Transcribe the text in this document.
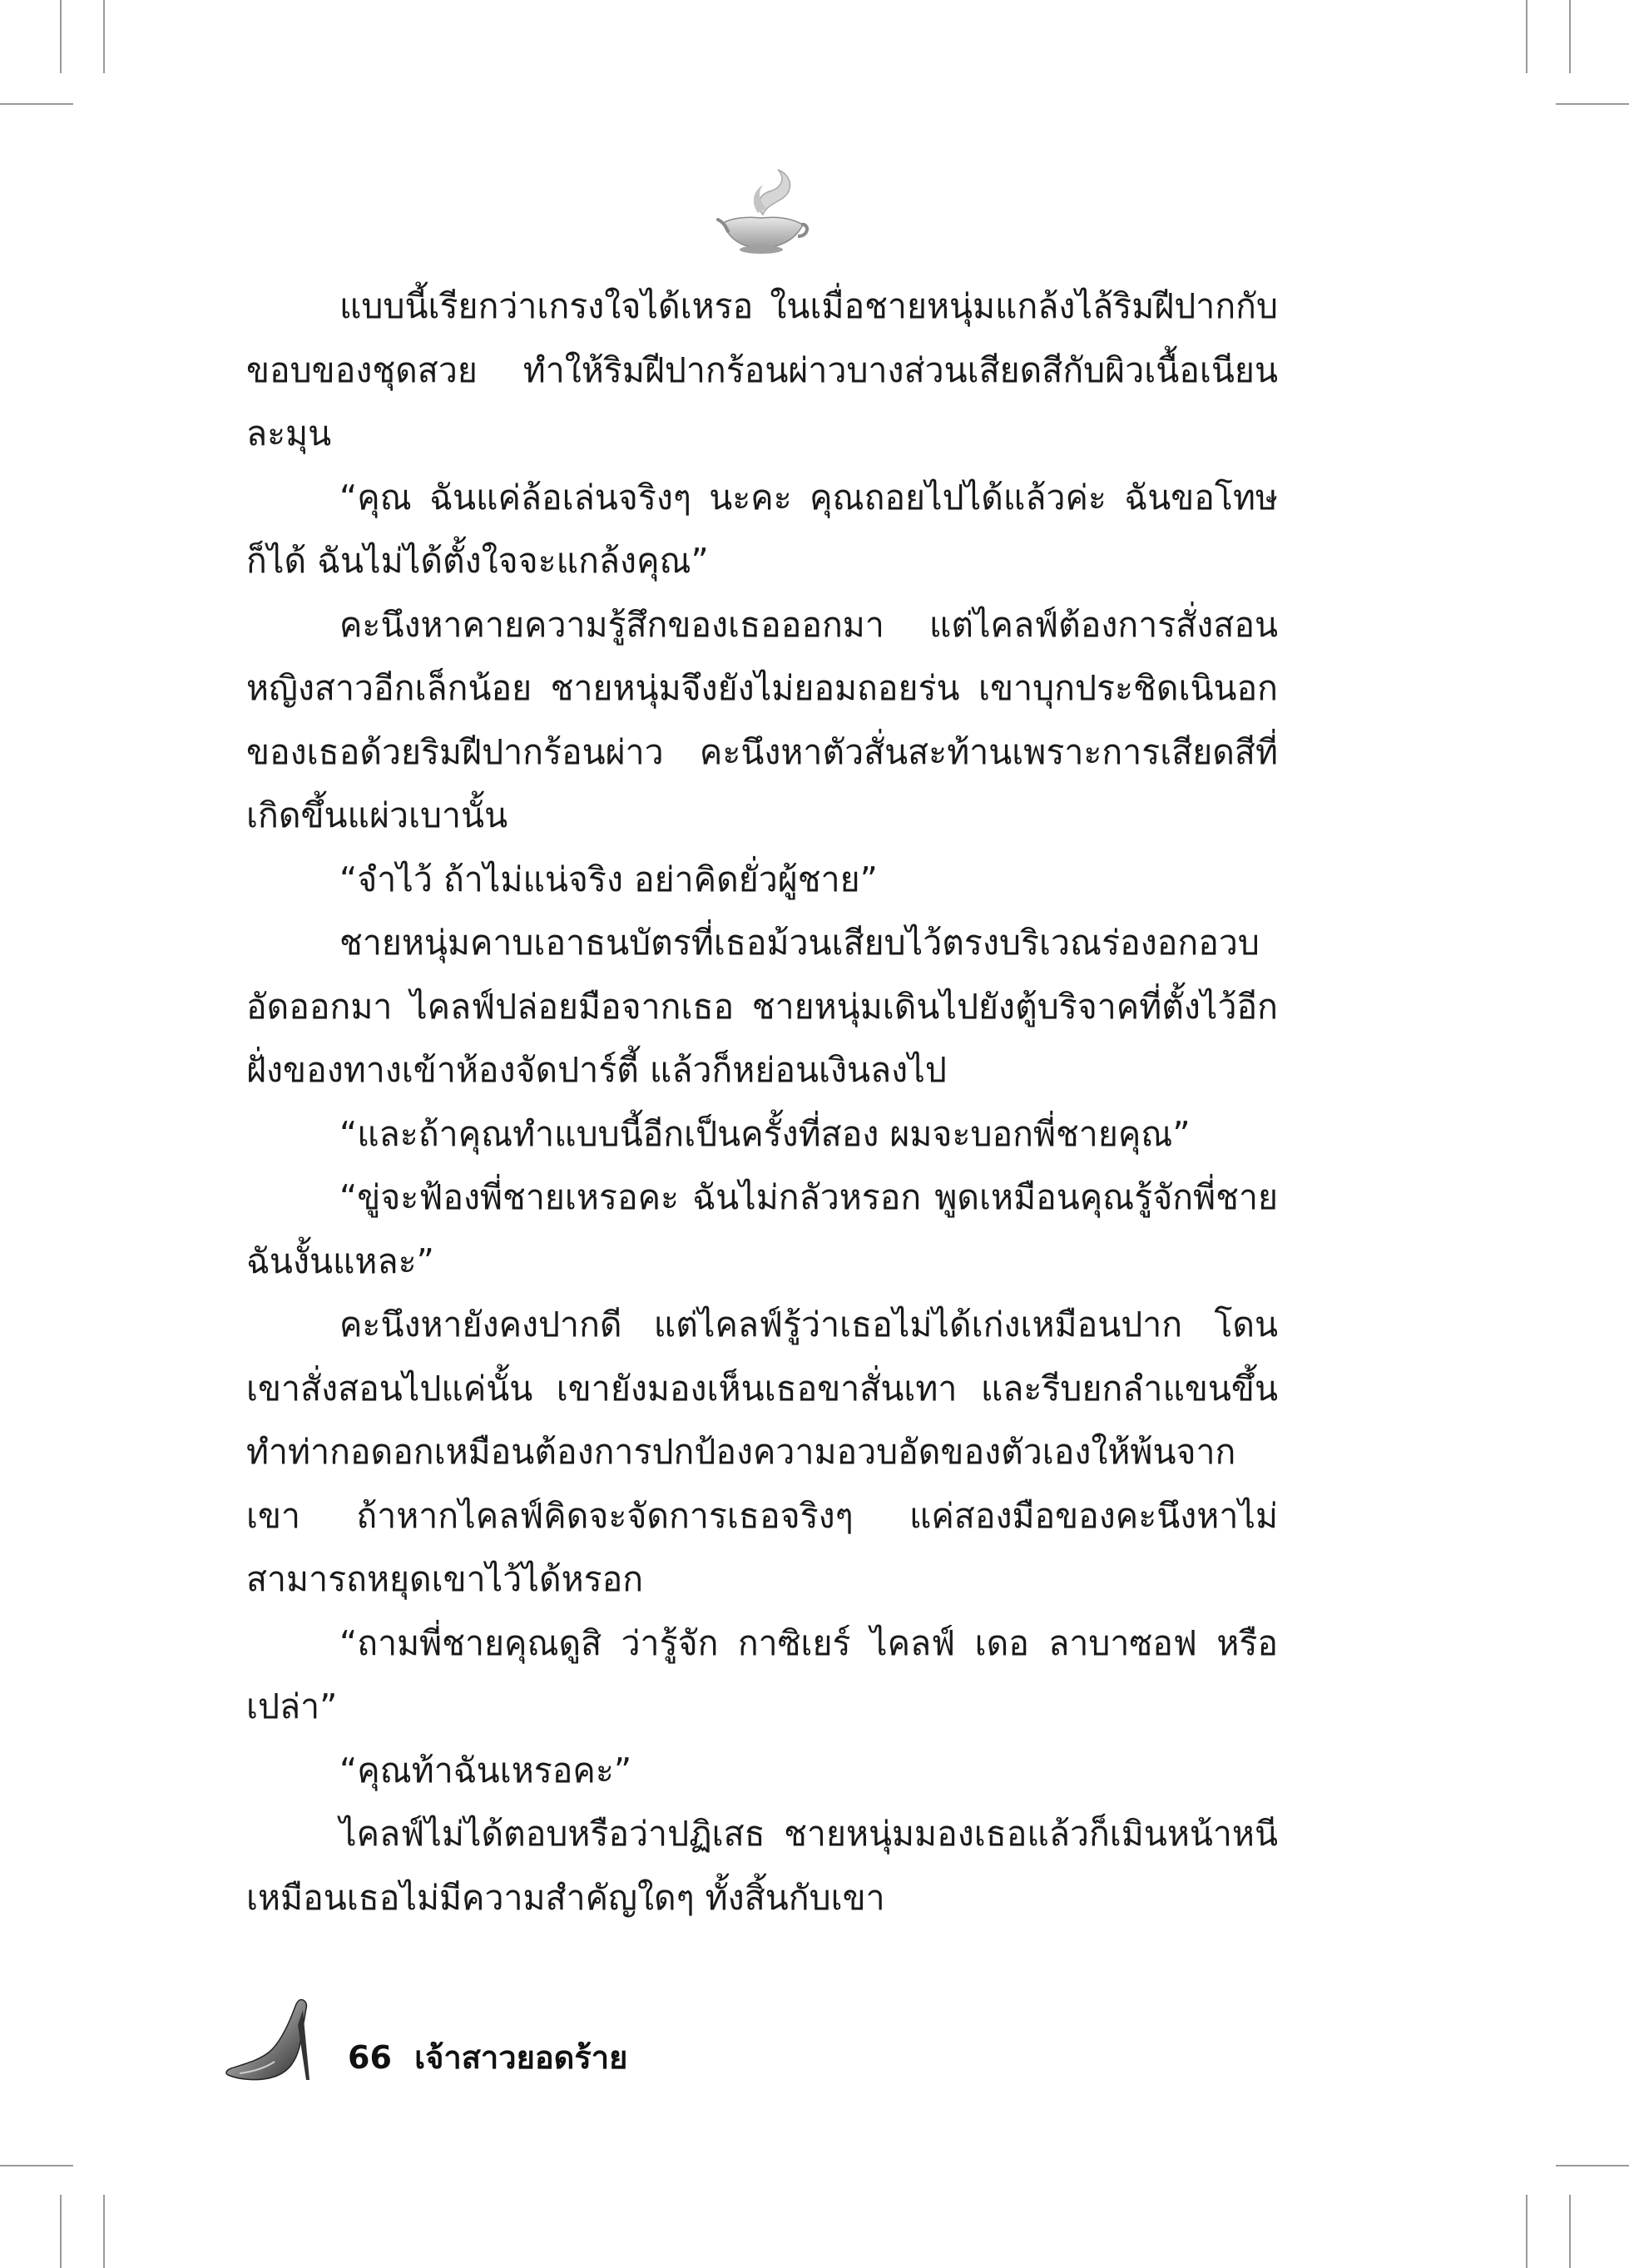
แบบนี้เรียกว่าเกรงใจได้เหรอ ในเมื่อชายหนุ่มแกล้งไล้ริมฝีปากกับขอบของชุดสวย ทำให้ริมฝีปากร้อนผ่าวบางส่วนเสียดสีกับผิวเนื้อเนียนละมุน

“คุณ ฉันแค่ล้อเล่นจริงๆ นะคะ คุณถอยไปได้แล้วค่ะ ฉันขอโทษก็ได้ ฉันไม่ได้ตั้งใจจะแกล้งคุณ”

คะนึงหาคายความรู้สึกของเธอออกมา แต่ไคลฟ์ต้องการสั่งสอนหญิงสาวอีกเล็กน้อย ชายหนุ่มจึงยังไม่ยอมถอยร่น เขาบุกประชิดเนินอกของเธอด้วยริมฝีปากร้อนผ่าว คะนึงหาตัวสั่นสะท้านเพราะการเสียดสีที่เกิดขึ้นแผ่วเบานั้น

“จำไว้ ถ้าไม่แน่จริง อย่าคิดยั่วผู้ชาย”

ชายหนุ่มคาบเอาธนบัตรที่เธอม้วนเสียบไว้ตรงบริเวณร่องอกอวบอัดออกมา ไคลฟ์ปล่อยมือจากเธอ ชายหนุ่มเดินไปยังตู้บริจาคที่ตั้งไว้อีกฝั่งของทางเข้าห้องจัดปาร์ตี้ แล้วก็หย่อนเงินลงไป

“และถ้าคุณทำแบบนี้อีกเป็นครั้งที่สอง ผมจะบอกพี่ชายคุณ”

“ขู่จะฟ้องพี่ชายเหรอคะ ฉันไม่กลัวหรอก พูดเหมือนคุณรู้จักพี่ชายฉันงั้นแหละ”

คะนึงหายังคงปากดี แต่ไคลฟ์รู้ว่าเธอไม่ได้เก่งเหมือนปาก โดนเขาสั่งสอนไปแค่นั้น เขายังมองเห็นเธอขาสั่นเทา และรีบยกลำแขนขึ้นทำท่ากอดอกเหมือนต้องการปกป้องความอวบอัดของตัวเองให้พ้นจากเขา ถ้าหากไคลฟ์คิดจะจัดการเธอจริงๆ แค่สองมือของคะนึงหาไม่สามารถหยุดเขาไว้ได้หรอก

“ถามพี่ชายคุณดูสิ ว่ารู้จัก กาซิเยร์ ไคลฟ์ เดอ ลาบาซอฟ หรือเปล่า”

“คุณท้าฉันเหรอคะ”

ไคลฟ์ไม่ได้ตอบหรือว่าปฏิเสธ ชายหนุ่มมองเธอแล้วก็เมินหน้าหนี เหมือนเธอไม่มีความสำคัญใดๆ ทั้งสิ้นกับเขา

66 เจ้าสาวยอดร้าย
